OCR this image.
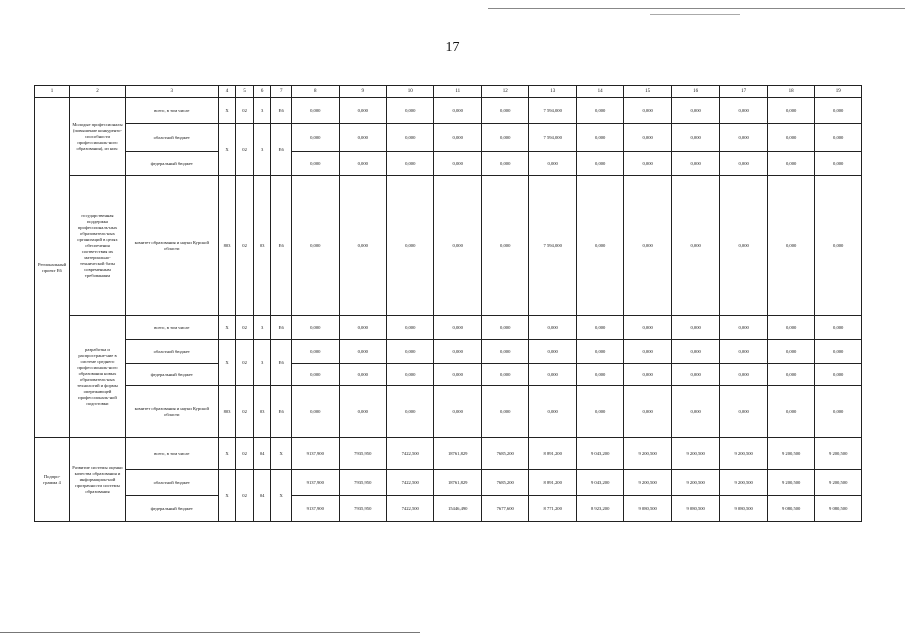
17
1	2	3	4	5	6	7	8	9	10	11	12	13	14	15	16	17	18	19
Региональный проект Е6	Молодые профессионалы (повышение конкуренто-способности профессиональ-ного образования), из них:	всего, в том числе	Х	02	3	Е6	0,000	0,000	0,000	0,000	0,000	7 594,000	0,000	0,000	0,000	0,000	0,000	0,000
		областной бюджет	Х	02	3	Е6	0,000	0,000	0,000	0,000	0,000	7 594,000	0,000	0,000	0,000	0,000	0,000	0,000
		федеральный бюджет					0,000	0,000	0,000	0,000	0,000	0,000	0,000	0,000	0,000	0,000	0,000	0,000
	государственная поддержка профессиональ-ных образователь-ных организаций в целях обеспечения соответствия их материально-технической базы современным требованиям	комитет образования и науки Курской области	803	02	03	Е6	0,000	0,000	0,000	0,000	0,000	7 594,000	0,000	0,000	0,000	0,000	0,000	0,000
	разработка и распростране-ние в системе среднего профессиональ-ного образования новых образователь-ных технологий и формы опережающей профессиональ-ной подготовки	всего, в том числе	Х	02	3	Е6	0,000	0,000	0,000	0,000	0,000	0,000	0,000	0,000	0,000	0,000	0,000	0,000
		областной бюджет	Х	02	3	Е6	0,000	0,000	0,000	0,000	0,000	0,000	0,000	0,000	0,000	0,000	0,000	0,000
		федеральный бюджет					0,000	0,000	0,000	0,000	0,000	0,000	0,000	0,000	0,000	0,000	0,000	0,000
		комитет образования и науки Курской области	803	02	03	Е6	0,000	0,000	0,000	0,000	0,000	0,000	0,000	0,000	0,000	0,000	0,000	0,000
Подпро-грамма 4	Развитие системы оценки качества образования и информацион-ной прозрачности системы образования	всего, в том числе	Х	02	04	Х	9137,900	7935,950	7422,500	18761,829	7685,200	8 891,200	9 043,200	9 200,500	9 200,500	9 200,500	9 200,500	9 200,500
		областной бюджет	Х	02	04	Х	9137,900	7935,950	7422,500	18761,829	7685,200	8 891,200	9 043,200	9 200,500	9 200,500	9 200,500	9 200,500	9 200,500
		федеральный бюджет					9137,900	7935,950	7422,500	15446,490	7677,600	8 771,200	8 923,200	9 080,500	9 080,500	9 080,500	9 080,500	9 080,500
